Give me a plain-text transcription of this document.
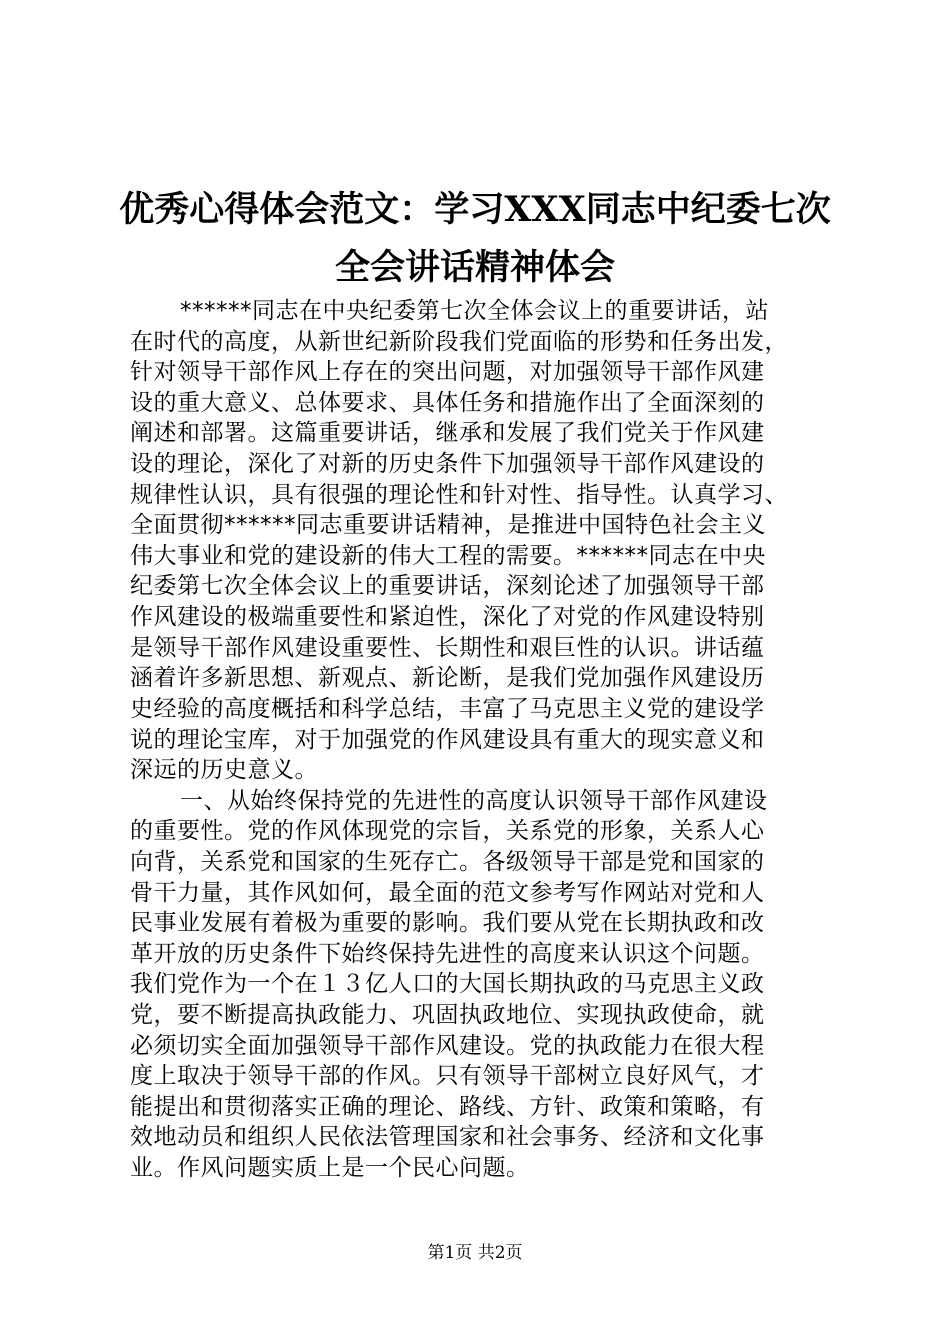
优秀心得体会范文：学习XXX同志中纪委七次
全会讲话精神体会
******同志在中央纪委第七次全体会议上的重要讲话，站
在时代的高度，从新世纪新阶段我们党面临的形势和任务出发，
针对领导干部作风上存在的突出问题，对加强领导干部作风建
设的重大意义、总体要求、具体任务和措施作出了全面深刻的
阐述和部署。这篇重要讲话，继承和发展了我们党关于作风建
设的理论，深化了对新的历史条件下加强领导干部作风建设的
规律性认识，具有很强的理论性和针对性、指导性。认真学习、
全面贯彻******同志重要讲话精神，是推进中国特色社会主义
伟大事业和党的建设新的伟大工程的需要。******同志在中央
纪委第七次全体会议上的重要讲话，深刻论述了加强领导干部
作风建设的极端重要性和紧迫性，深化了对党的作风建设特别
是领导干部作风建设重要性、长期性和艰巨性的认识。讲话蕴
涵着许多新思想、新观点、新论断，是我们党加强作风建设历
史经验的高度概括和科学总结，丰富了马克思主义党的建设学
说的理论宝库，对于加强党的作风建设具有重大的现实意义和
深远的历史意义。
一、从始终保持党的先进性的高度认识领导干部作风建设
的重要性。党的作风体现党的宗旨，关系党的形象，关系人心
向背，关系党和国家的生死存亡。各级领导干部是党和国家的
骨干力量，其作风如何，最全面的范文参考写作网站对党和人
民事业发展有着极为重要的影响。我们要从党在长期执政和改
革开放的历史条件下始终保持先进性的高度来认识这个问题。
我们党作为一个在１３亿人口的大国长期执政的马克思主义政
党，要不断提高执政能力、巩固执政地位、实现执政使命，就
必须切实全面加强领导干部作风建设。党的执政能力在很大程
度上取决于领导干部的作风。只有领导干部树立良好风气，才
能提出和贯彻落实正确的理论、路线、方针、政策和策略，有
效地动员和组织人民依法管理国家和社会事务、经济和文化事
业。作风问题实质上是一个民心问题。
第1页 共2页
